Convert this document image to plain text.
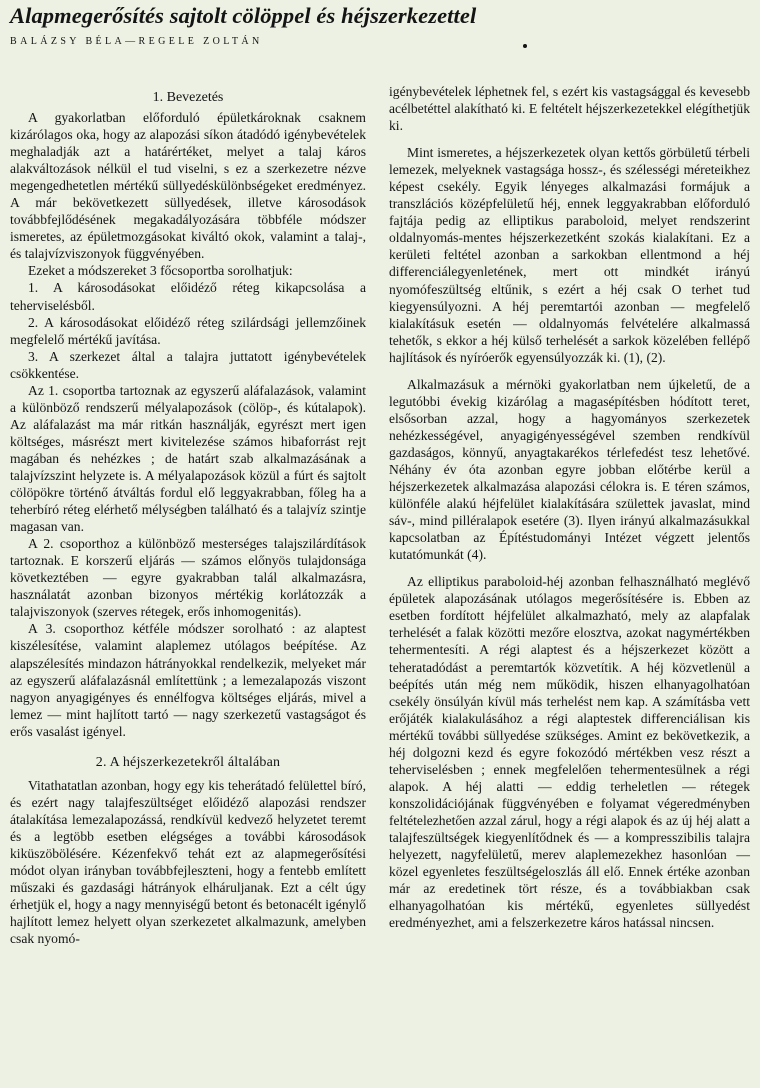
Alapmegerősítés sajtolt cölöppel és héjszerkezettel
BALÁZSY BÉLA—REGELE ZOLTÁN
1. Bevezetés

A gyakorlatban előforduló épületkároknak csaknem kizárólagos oka, hogy az alapozási síkon átadódó igénybevételek meghaladják azt a határértéket, melyet a talaj káros alakváltozások nélkül el tud viselni, s ez a szerkezetre nézve megengedhetetlen mértékű süllyedéskülönbségeket eredményez. A már bekövetkezett süllyedések, illetve károsodások továbbfejlődésének megakadályozására többféle módszer ismeretes, az épületmozgásokat kiváltó okok, valamint a talaj-, és talajvízviszonyok függvényében.

Ezeket a módszereket 3 főcsoportba sorolhatjuk:

1. A károsodásokat előidéző réteg kikapcsolása a teherviselésből.

2. A károsodásokat előidéző réteg szilárdsági jellemzőinek megfelelő mértékű javítása.

3. A szerkezet által a talajra juttatott igénybevételek csökkentése.

Az 1. csoportba tartoznak az egyszerű aláfalazások, valamint a különböző rendszerű mélyalapozások (cölöp-, és kútalapok). Az aláfalazást ma már ritkán használják, egyrészt mert igen költséges, másrészt mert kivitelezése számos hibaforrást rejt magában és nehézkes ; de határt szab alkalmazásának a talajvízszint helyzete is. A mélyalapozások közül a fúrt és sajtolt cölöpökre történő átváltás fordul elő leggyakrabban, főleg ha a teherbíró réteg elérhető mélységben található és a talajvíz szintje magasan van.

A 2. csoporthoz a különböző mesterséges talajszilárdítások tartoznak. E korszerű eljárás — számos előnyös tulajdonsága következtében — egyre gyakrabban talál alkalmazásra, használatát azonban bizonyos mértékig korlátozzák a talajviszonyok (szerves rétegek, erős inhomogenitás).

A 3. csoporthoz kétféle módszer sorolható : az alaptest kiszélesítése, valamint alaplemez utólagos beépítése. Az alapszélesítés mindazon hátrányokkal rendelkezik, melyeket már az egyszerű aláfalazásnál említettünk ; a lemezalapozás viszont nagyon anyagigényes és ennélfogva költséges eljárás, mivel a lemez — mint hajlított tartó — nagy szerkezetű vastagságot és erős vasalást igényel.

2. A héjszerkezetekről általában

Vitathatatlan azonban, hogy egy kis teherátadó felülettel bíró, és ezért nagy talajfeszültséget előidéző alapozási rendszer átalakítása lemezalapozássá, rendkívül kedvező helyzetet teremt és a legtöbb esetben elégséges a további károsodások kiküszöbölésére. Kézenfekvő tehát ezt az alapmegerősítési módot olyan irányban továbbfejleszteni, hogy a fentebb említett műszaki és gazdasági hátrányok elháruljanak. Ezt a célt úgy érhetjük el, hogy a nagy mennyiségű betont és betonacélt igénylő hajlított lemez helyett olyan szerkezetet alkalmazunk, amelyben csak nyomó-

igénybevételek léphetnek fel, s ezért kis vastagsággal és kevesebb acélbetéttel alakítható ki. E feltételt héjszerkezetekkel elégíthetjük ki.

Mint ismeretes, a héjszerkezetek olyan kettős görbületű térbeli lemezek, melyeknek vastagsága hossz-, és szélességi méreteikhez képest csekély. Egyik lényeges alkalmazási formájuk a transzlációs középfelületű héj, ennek leggyakrabban előforduló fajtája pedig az elliptikus paraboloid, melyet rendszerint oldalnyomás-mentes héjszerkezetként szokás kialakítani. Ez a kerületi feltétel azonban a sarkokban ellentmond a héj differenciálegyenletének, mert ott mindkét irányú nyomófeszültség eltűnik, s ezért a héj csak O terhet tud kiegyensúlyozni. A héj peremtartói azonban — megfelelő kialakításuk esetén — oldalnyomás felvételére alkalmassá tehetők, s ekkor a héj külső terhelését a sarkok közelében fellépő hajlítások és nyíróerők egyensúlyozzák ki. (1), (2).

Alkalmazásuk a mérnöki gyakorlatban nem újkeletű, de a legutóbbi évekig kizárólag a magasépítésben hódított teret, elsősorban azzal, hogy a hagyományos szerkezetek nehézkességével, anyagigényességével szemben rendkívül gazdaságos, könnyű, anyagtakarékos térlefedést tesz lehetővé. Néhány év óta azonban egyre jobban előtérbe kerül a héjszerkezetek alkalmazása alapozási célokra is. E téren számos, különféle alakú héjfelület kialakítására születtek javaslat, mind sáv-, mind pilléralapok esetére (3). Ilyen irányú alkalmazásukkal kapcsolatban az Építéstudományi Intézet végzett jelentős kutatómunkát (4).

Az elliptikus paraboloid-héj azonban felhasználható meglévő épületek alapozásának utólagos megerősítésére is. Ebben az esetben fordított héjfelület alkalmazható, mely az alapfalak terhelését a falak közötti mezőre elosztva, azokat nagymértékben tehermentesíti. A régi alaptest és a héjszerkezet között a teheratadódást a peremtartók közvetítik. A héj közvetlenül a beépítés után még nem működik, hiszen elhanyagolhatóan csekély önsúlyán kívül más terhelést nem kap. A számításba vett erőjáték kialakulásához a régi alaptestek differenciálisan kis mértékű további süllyedése szükséges. Amint ez bekövetkezik, a héj dolgozni kezd és egyre fokozódó mértékben vesz részt a teherviselésben ; ennek megfelelően tehermentesülnek a régi alapok. A héj alatti — eddig terheletlen — rétegek konszolidációjának függvényében e folyamat végeredményben feltételezhetően azzal zárul, hogy a régi alapok és az új héj alatt a talajfeszültségek kiegyenlítődnek és — a kompresszibilis talajra helyezett, nagyfelületű, merev alaplemezekhez hasonlóan — közel egyenletes feszültségeloszlás áll elő. Ennek értéke azonban már az eredetinek tört része, és a továbbiakban csak elhanyagolhatóan kis mértékű, egyenletes süllyedést eredményezhet, ami a felszerkezetre káros hatással nincsen.
